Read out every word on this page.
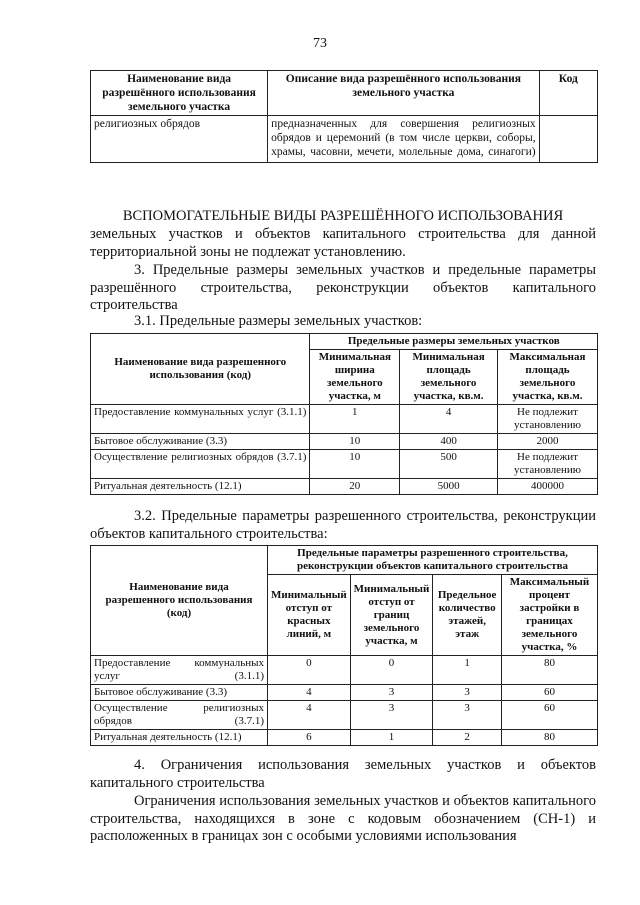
73
Наименование вида разрешённого использования земельного участка	Описание вида разрешённого использования земельного участка	Код
религиозных обрядов	предназначенных для совершения религиозных обрядов и церемоний (в том числе церкви, соборы, храмы, часовни, мечети, молельные дома, синагоги)	
ВСПОМОГАТЕЛЬНЫЕ ВИДЫ РАЗРЕШЁННОГО ИСПОЛЬЗОВАНИЯ
земельных участков и объектов капитального строительства для данной территориальной зоны не подлежат установлению.
3. Предельные размеры земельных участков и предельные параметры разрешённого строительства, реконструкции объектов капитального строительства
3.1. Предельные размеры земельных участков:
Наименование вида разрешенного использования (код)	Предельные размеры земельных участков		
	Минимальная ширина земельного участка, м	Минимальная площадь земельного участка, кв.м.	Максимальная площадь земельного участка, кв.м.
Предоставление коммунальных услуг (3.1.1)	1	4	Не подлежит установлению
Бытовое обслуживание (3.3)	10	400	2000
Осуществление религиозных обрядов (3.7.1)	10	500	Не подлежит установлению
Ритуальная деятельность (12.1)	20	5000	400000
3.2. Предельные параметры разрешенного строительства, реконструкции объектов капитального строительства:
Наименование вида разрешенного использования (код)	Предельные параметры разрешенного строительства, реконструкции объектов капитального строительства			
	Минимальный отступ от красных линий, м	Минимальный отступ от границ земельного участка, м	Предельное количество этажей, этаж	Максимальный процент застройки в границах земельного участка, %
Предоставление коммунальных услуг (3.1.1)	0	0	1	80
Бытовое обслуживание (3.3)	4	3	3	60
Осуществление религиозных обрядов (3.7.1)	4	3	3	60
Ритуальная деятельность (12.1)	6	1	2	80
4. Ограничения использования земельных участков и объектов капитального строительства
Ограничения использования земельных участков и объектов капитального строительства, находящихся в зоне с кодовым обозначением (СН-1) и расположенных в границах зон с особыми условиями использования
